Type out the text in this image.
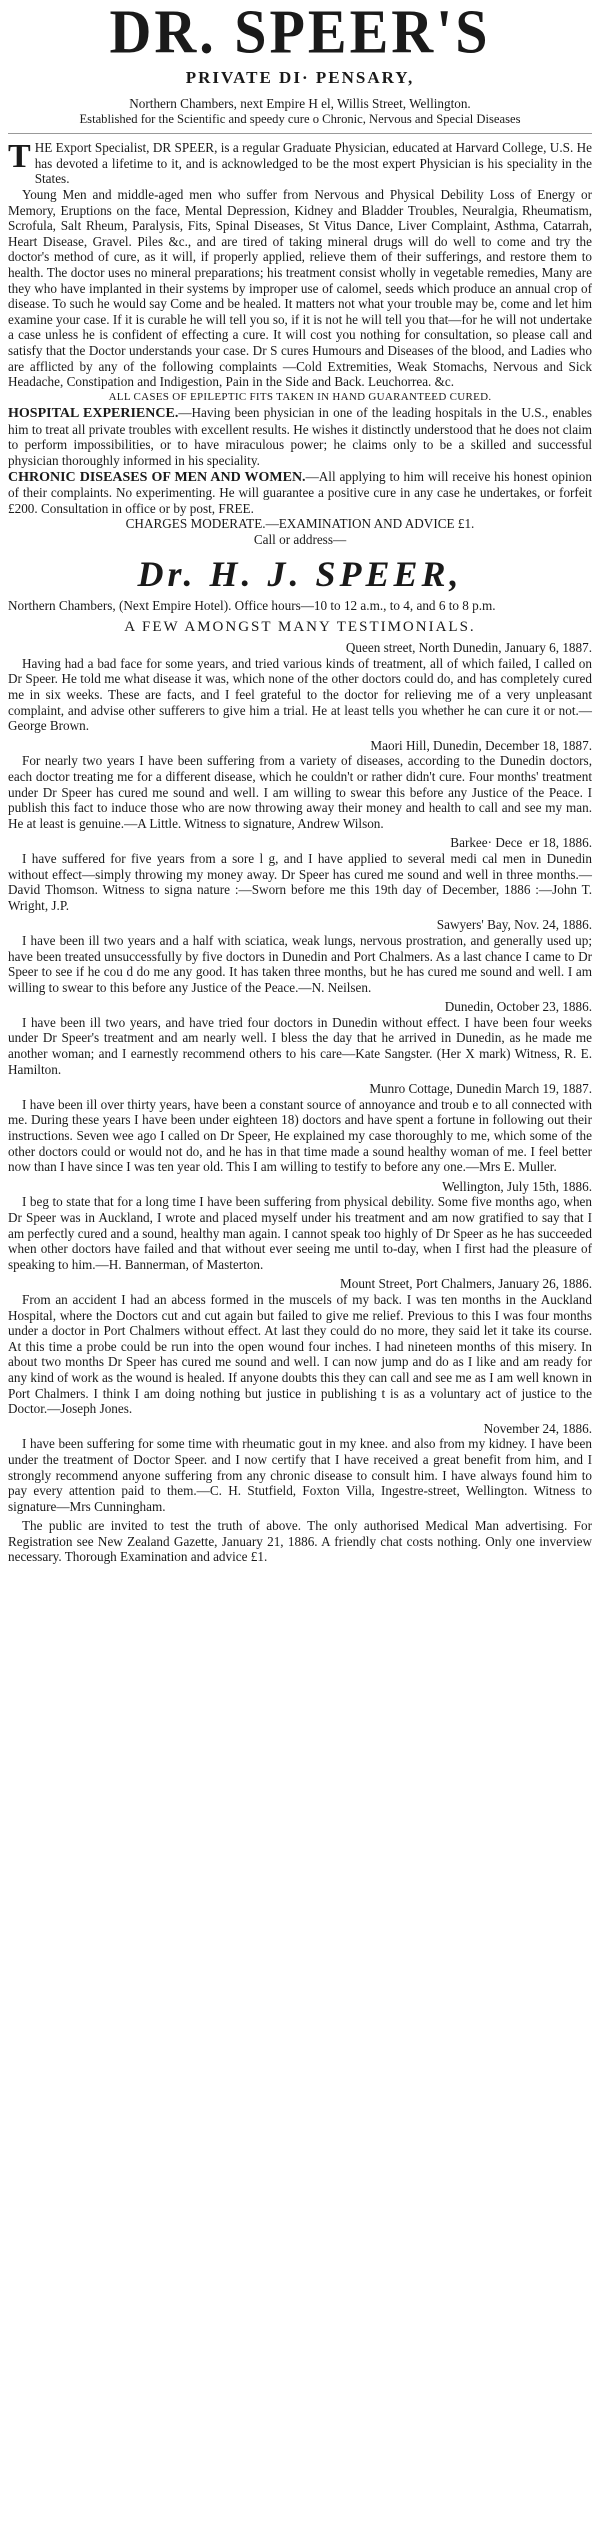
DR. SPEER'S
PRIVATE DI· PENSARY,

Northern Chambers, next Empire H el, Willis Street, Wellington.

Established for the Scientific and speedy cure o Chronic, Nervous and Special Diseases

THE Export Specialist, DR SPEER, is a regular Graduate Physician, educated at Harvard College, U.S. He has devoted a lifetime to it, and is acknowledged to be the most expert Physician is his speciality in the States.

Young Men and middle-aged men who suffer from Nervous and Physical Debility Loss of Energy or Memory, Eruptions on the face, Mental Depression, Kidney and Bladder Troubles, Neuralgia, Rheumatism, Scrofula, Salt Rheum, Paralysis, Fits, Spinal Diseases, St Vitus Dance, Liver Complaint, Asthma, Catarrah, Heart Disease, Gravel. Piles &c., and are tired of taking mineral drugs will do well to come and try the doctor's method of cure, as it will, if properly applied, relieve them of their sufferings, and restore them to health. The doctor uses no mineral preparations; his treatment consist wholly in vegetable remedies, Many are they who have implanted in their systems by improper use of calomel, seeds which produce an annual crop of disease. To such he would say Come and be healed. It matters not what your trouble may be, come and let him examine your case. If it is curable he will tell you so, if it is not he will tell you that—for he will not undertake a case unless he is confident of effecting a cure. It will cost you nothing for consultation, so please call and satisfy that the Doctor understands your case. Dr S cures Humours and Diseases of the blood, and Ladies who are afflicted by any of the following complaints —Cold Extremities, Weak Stomachs, Nervous and Sick Headache, Constipation and Indigestion, Pain in the Side and Back. Leuchorrea. &c.

ALL CASES OF EPILEPTIC FITS TAKEN IN HAND GUARANTEED CURED.

HOSPITAL EXPERIENCE.—Having been physician in one of the leading hospitals in the U.S., enables him to treat all private troubles with excellent results. He wishes it distinctly understood that he does not claim to perform impossibilities, or to have miraculous power; he claims only to be a skilled and successful physician thoroughly informed in his speciality.

CHRONIC DISEASES OF MEN AND WOMEN.—All applying to him will receive his honest opinion of their complaints. No experimenting. He will guarantee a positive cure in any case he undertakes, or forfeit £200. Consultation in office or by post, FREE.

CHARGES MODERATE.—EXAMINATION AND ADVICE £1.

Call or address—

Dr. H. J. SPEER,

Northern Chambers, (Next Empire Hotel). Office hours—10 to 12 a.m., to 4, and 6 to 8 p.m.

A FEW AMONGST MANY TESTIMONIALS.

Queen street, North Dunedin, January 6, 1887.

Having had a bad face for some years, and tried various kinds of treatment, all of which failed, I called on Dr Speer. He told me what disease it was, which none of the other doctors could do, and has completely cured me in six weeks. These are facts, and I feel grateful to the doctor for relieving me of a very unpleasant complaint, and advise other sufferers to give him a trial. He at least tells you whether he can cure it or not.—George Brown.

Maori Hill, Dunedin, December 18, 1887.

For nearly two years I have been suffering from a variety of diseases, according to the Dunedin doctors, each doctor treating me for a different disease, which he couldn't or rather didn't cure. Four months' treatment under Dr Speer has cured me sound and well. I am willing to swear this before any Justice of the Peace. I publish this fact to induce those who are now throwing away their money and health to call and see my man. He at least is genuine.—A Little. Witness to signature, Andrew Wilson.

Barkee· Dece  er 18, 1886.

I have suffered for five years from a sore l g, and I have applied to several medi cal men in Dunedin without effect—simply throwing my money away. Dr Speer has cured me sound and well in three months.—David Thomson. Witness to signa nature :—Sworn before me this 19th day of December, 1886 :—John T. Wright, J.P.

Sawyers' Bay, Nov. 24, 1886.

I have been ill two years and a half with sciatica, weak lungs, nervous prostration, and generally used up; have been treated unsuccessfully by five doctors in Dunedin and Port Chalmers. As a last chance I came to Dr Speer to see if he cou d do me any good. It has taken three months, but he has cured me sound and well. I am willing to swear to this before any Justice of the Peace.—N. Neilsen.

Dunedin, October 23, 1886.

I have been ill two years, and have tried four doctors in Dunedin without effect. I have been four weeks under Dr Speer's treatment and am nearly well. I bless the day that he arrived in Dunedin, as he made me another woman; and I earnestly recommend others to his care—Kate Sangster. (Her X mark) Witness, R. E. Hamilton.

Munro Cottage, Dunedin March 19, 1887.

I have been ill over thirty years, have been a constant source of annoyance and troub e to all connected with me. During these years I have been under eighteen 18) doctors and have spent a fortune in following out their instructions. Seven wee ago I called on Dr Speer, He explained my case thoroughly to me, which some of the other doctors could or would not do, and he has in that time made a sound healthy woman of me. I feel better now than I have since I was ten year old. This I am willing to testify to before any one.—Mrs E. Muller.

Wellington, July 15th, 1886.

I beg to state that for a long time I have been suffering from physical debility. Some five months ago, when Dr Speer was in Auckland, I wrote and placed myself under his treatment and am now gratified to say that I am perfectly cured and a sound, healthy man again. I cannot speak too highly of Dr Speer as he has succeeded when other doctors have failed and that without ever seeing me until to-day, when I first had the pleasure of speaking to him.—H. Bannerman, of Masterton.

Mount Street, Port Chalmers, January 26, 1886.

From an accident I had an abcess formed in the muscels of my back. I was ten months in the Auckland Hospital, where the Doctors cut and cut again but failed to give me relief. Previous to this I was four months under a doctor in Port Chalmers without effect. At last they could do no more, they said let it take its course. At this time a probe could be run into the open wound four inches. I had nineteen months of this misery. In about two months Dr Speer has cured me sound and well. I can now jump and do as I like and am ready for any kind of work as the wound is healed. If anyone doubts this they can call and see me as I am well known in Port Chalmers. I think I am doing nothing but justice in publishing t is as a voluntary act of justice to the Doctor.—Joseph Jones.

November 24, 1886.

I have been suffering for some time with rheumatic gout in my knee. and also from my kidney. I have been under the treatment of Doctor Speer. and I now certify that I have received a great benefit from him, and I strongly recommend anyone suffering from any chronic disease to consult him. I have always found him to pay every attention paid to them.—C. H. Stutfield, Foxton Villa, Ingestre-street, Wellington. Witness to signature—Mrs Cunningham.

The public are invited to test the truth of above. The only authorised Medical Man advertising. For Registration see New Zealand Gazette, January 21, 1886. A friendly chat costs nothing. Only one inverview necessary. Thorough Examination and advice £1.
